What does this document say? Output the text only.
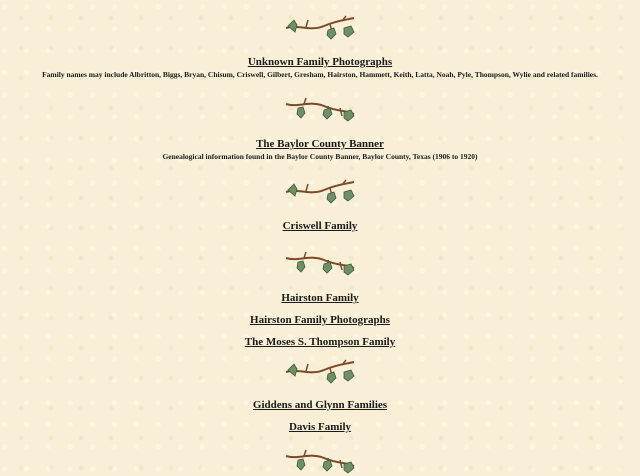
Unknown Family Photographs
Family names may include Albritton, Biggs, Bryan, Chisum, Criswell, Gilbert, Gresham, Hairston, Hammett, Keith, Latta, Noah, Pyle, Thompson, Wylie and related families.
The Baylor County Banner
Genealogical information found in the Baylor County Banner, Baylor County, Texas (1906 to 1920)
Criswell Family
Hairston Family
Hairston Family Photographs
The Moses S. Thompson Family
Giddens and Glynn Families
Davis Family
